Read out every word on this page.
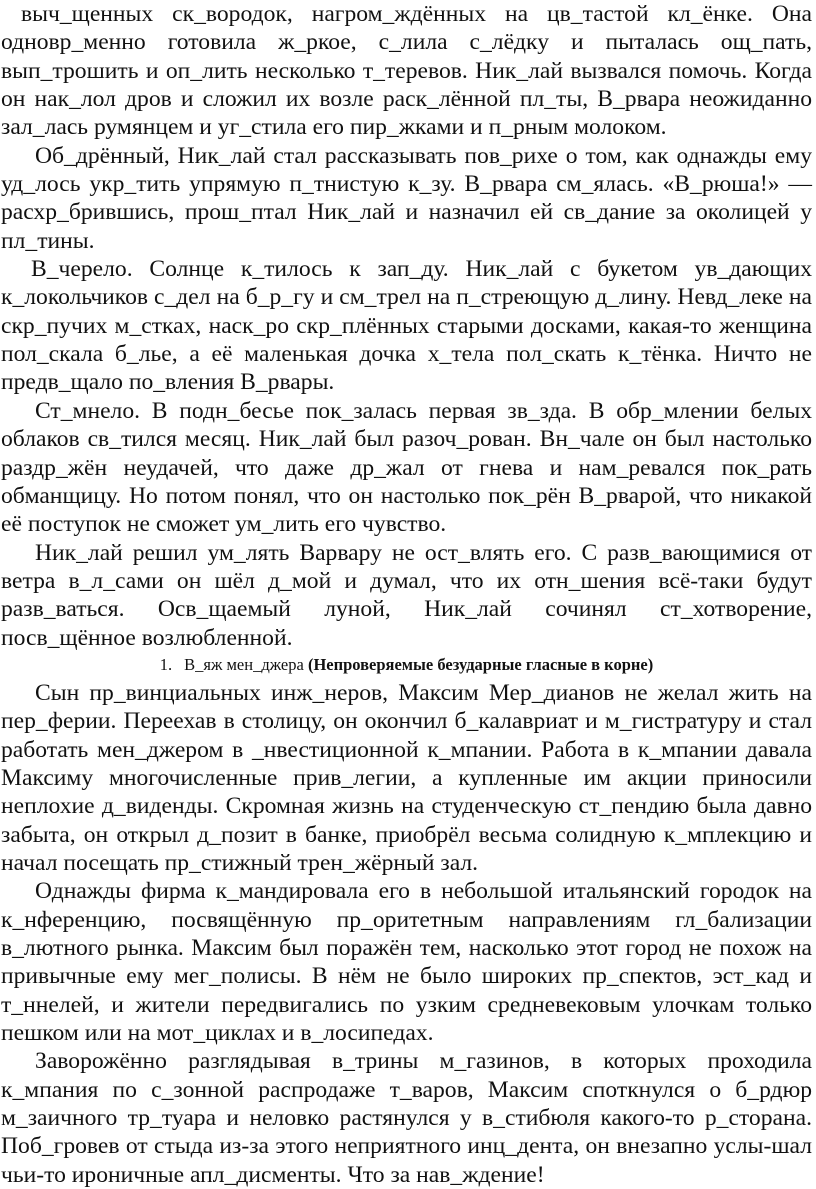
выч_щенных ск_вородок, нагром_ждённых на цв_тастой кл_ёнке. Она одновр_менно готовила ж_ркое, с_лила с_лёдку и пыталась ощ_пать, вып_трошить и оп_лить несколько т_теревов. Ник_лай вызвался помочь. Когда он нак_лол дров и сложил их возле раск_лённой пл_ты, В_рвара неожиданно зал_лась румянцем и уг_стила его пир_жками и п_рным молоком.

Об_дрённый, Ник_лай стал рассказывать пов_рихе о том, как однажды ему уд_лось укр_тить упрямую п_тнистую к_зу. В_рвара см_ялась. «В_рюша!» — расхр_брившись, прош_птал Ник_лай и назначил ей св_дание за околицей у пл_тины.

В_черело. Солнце к_тилось к зап_ду. Ник_лай с букетом ув_дающих к_локольчиков с_дел на б_р_гу и см_трел на п_стреющую д_лину. Невд_леке на скр_пучих м_стках, наск_ро скр_плённых старыми досками, какая-то женщина пол_скала б_лье, а её маленькая дочка х_тела пол_скать к_тёнка. Ничто не предв_щало по_вления В_рвары.

Ст_мнело. В подн_бесье пок_залась первая зв_зда. В обр_млении белых облаков св_тился месяц. Ник_лай был разоч_рован. Вн_чале он был настолько раздр_жён неудачей, что даже др_жал от гнева и нам_ревался пок_рать обманщицу. Но потом понял, что он настолько пок_рён В_рварой, что никакой её поступок не сможет ум_лить его чувство.

Ник_лай решил ум_лять Варвару не ост_влять его. С разв_вающимися от ветра в_л_сами он шёл д_мой и думал, что их отн_шения всё-таки будут разв_ваться. Осв_щаемый луной, Ник_лай сочинял ст_хотворение, посв_щённое возлюбленной.

1. В_яж мен_джера (Непроверяемые безударные гласные в корне)

Сын пр_винциальных инж_неров, Максим Мер_дианов не желал жить на пер_ферии. Переехав в столицу, он окончил б_калавриат и м_гистратуру и стал работать мен_джером в _нвестиционной к_мпании. Работа в к_мпании давала Максиму многочисленные прив_легии, а купленные им акции приносили неплохие д_виденды. Скромная жизнь на студенческую ст_пендию была давно забыта, он открыл д_позит в банке, приобрёл весьма солидную к_мплекцию и начал посещать пр_стижный трен_жёрный зал.

Однажды фирма к_мандировала его в небольшой итальянский городок на к_нференцию, посвящённую пр_оритетным направлениям гл_бализации в_лютного рынка. Максим был поражён тем, насколько этот город не похож на привычные ему мег_полисы. В нём не было широких пр_спектов, эст_кад и т_ннелей, и жители передвигались по узким средневековым улочкам только пешком или на мот_циклах и в_лосипедах.

Заворожённо разглядывая в_трины м_газинов, в которых проходила к_мпания по с_зонной распродаже т_варов, Максим споткнулся о б_рдюр м_заичного тр_туара и неловко растянулся у в_стибюля какого-то р_сторана. Поб_гровев от стыда из-за этого неприятного инц_дента, он внезапно услы-шал чьи-то ироничные апл_дисменты. Что за нав_ждение!
